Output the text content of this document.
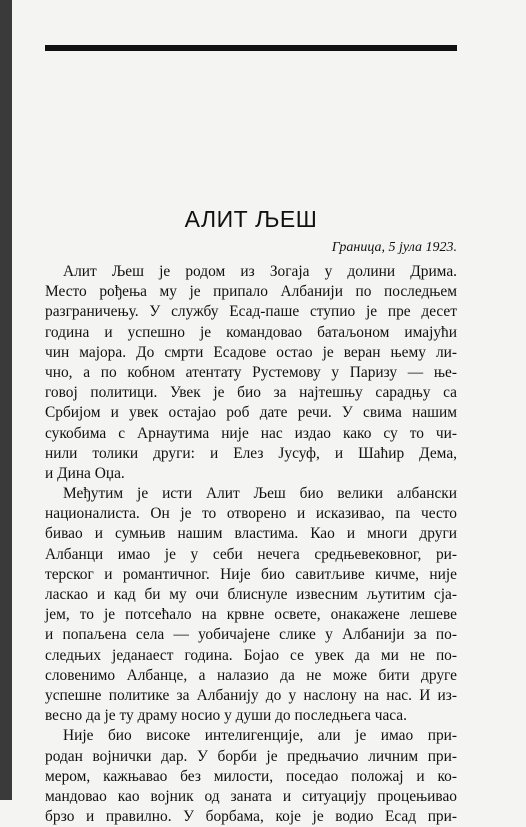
АЛИТ ЉЕШ
Граница, 5 јула 1923.
Алит Љеш је родом из Зогаја у долини Дрима.
Место рођења му је припало Албанији по последњем
разграничењу. У службу Есад-паше ступио је пре десет
година и успешно је командовао батаљоном имајући
чин мајора. До смрти Есадове остао је веран њему ли-
чно, а по кобном атентату Рустемову у Паризу — ње-
говој политици. Увек је био за најтешњу сарадњу са
Србијом и увек остајао роб дате речи. У свима нашим
сукобима с Арнаутима није нас издао како су то чи-
нили толики други: и Елез Јусуф, и Шаћир Дема,
и Дина Оџа.
Међутим је исти Алит Љеш био велики албански
националиста. Он је то отворено и исказивао, па често
бивао и сумњив нашим властима. Као и многи други
Албанци имао је у себи нечега средњевековног, ри-
терског и романтичног. Није био савитљиве кичме, није
ласкао и кад би му очи блиснуле извесним љутитим сја-
јем, то је потсећало на крвне освете, онакажене лешеве
и попаљена села — уобичајене слике у Албанији за по-
следњих једанаест година. Бојао се увек да ми не по-
словенимо Албанце, а налазио да не може бити друге
успешне политике за Албанију до у наслону на нас. И из-
весно да је ту драму носио у души до последњега часа.
Није био високе интелигенције, али је имао при-
родан војнички дар. У борби је предњачио личним при-
мером, кажњавао без милости, поседао положај и ко-
мандовао као војник од заната и ситуацију процењивао
брзо и правилно. У борбама, које је водио Есад при-
